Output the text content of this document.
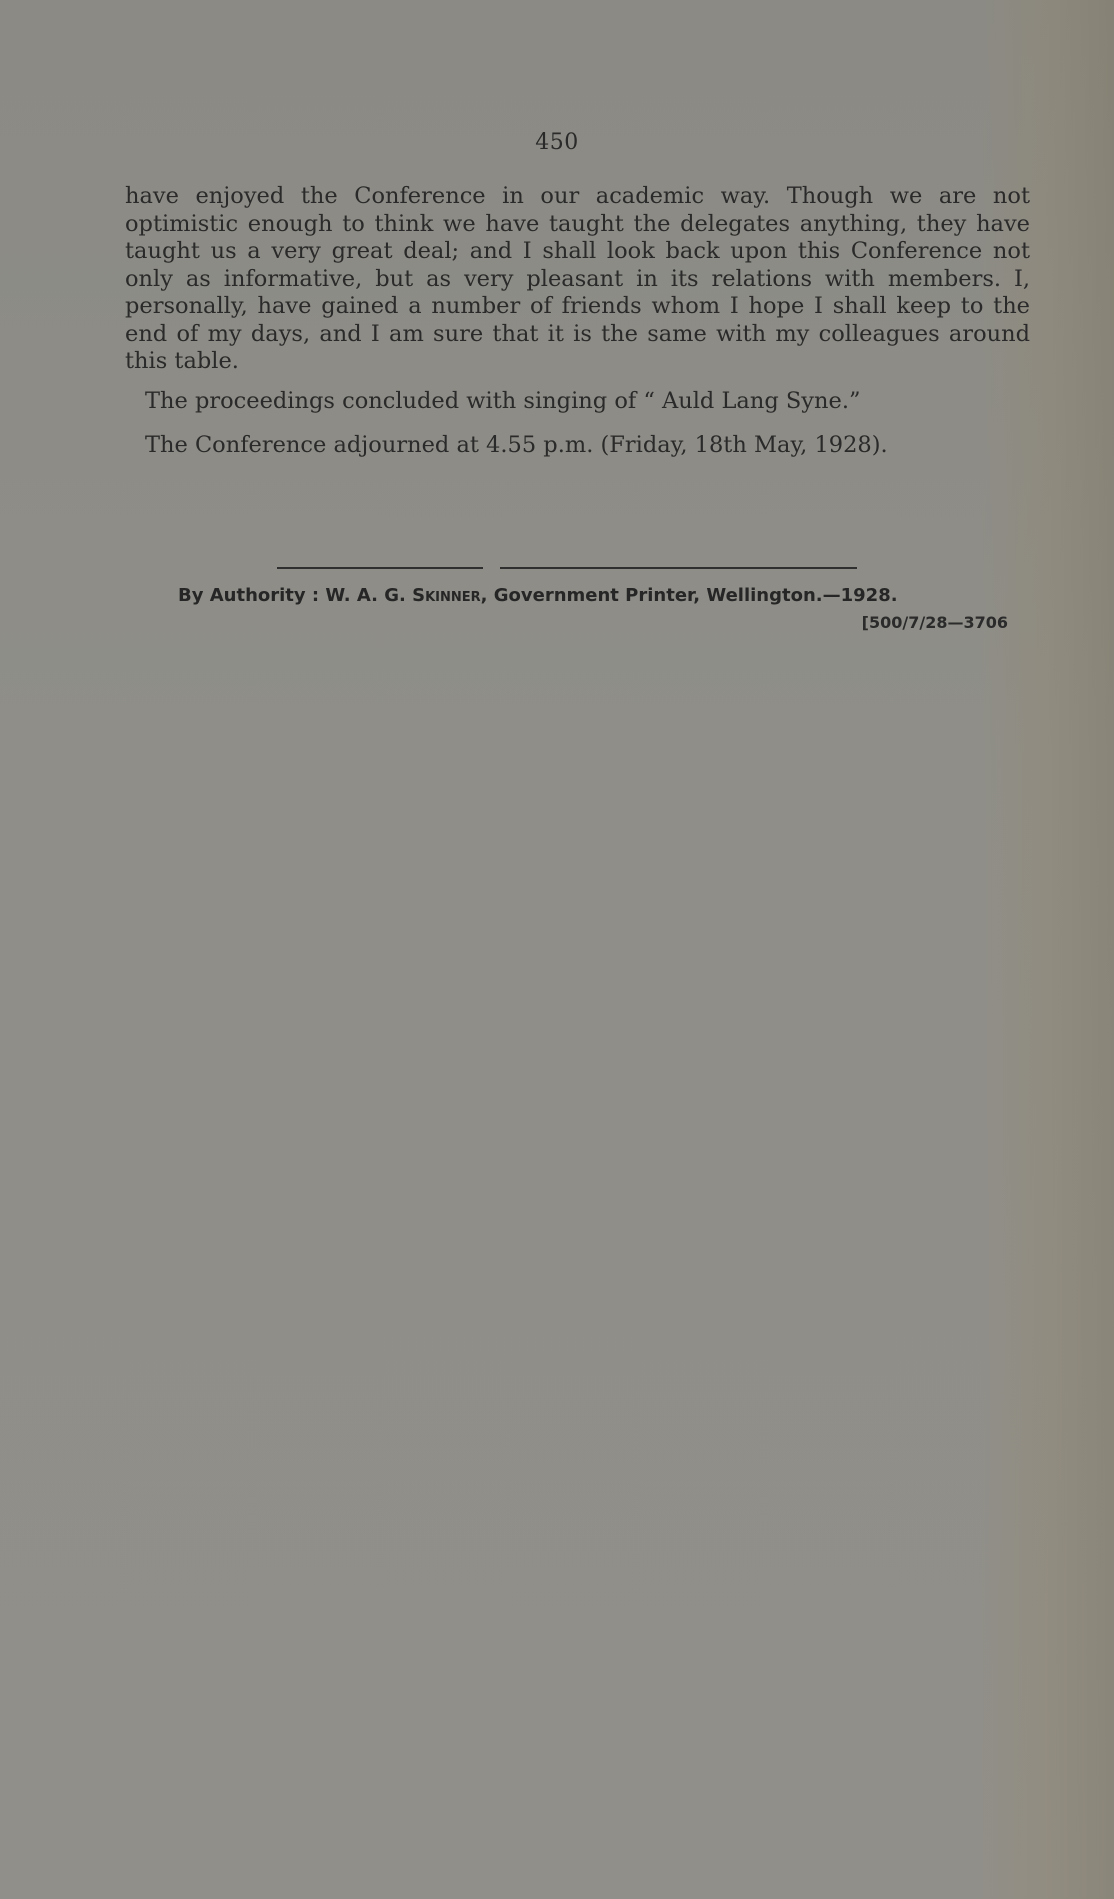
450

have enjoyed the Conference in our academic way. Though we are not optimistic enough to think we have taught the delegates anything, they have taught us a very great deal; and I shall look back upon this Conference not only as informative, but as very pleasant in its relations with members. I, personally, have gained a number of friends whom I hope I shall keep to the end of my days, and I am sure that it is the same with my colleagues around this table.

The proceedings concluded with singing of “ Auld Lang Syne.”

The Conference adjourned at 4.55 p.m. (Friday, 18th May, 1928).

By Authority : W. A. G. Skinner, Government Printer, Wellington.—1928.
[500/7/28—3706
